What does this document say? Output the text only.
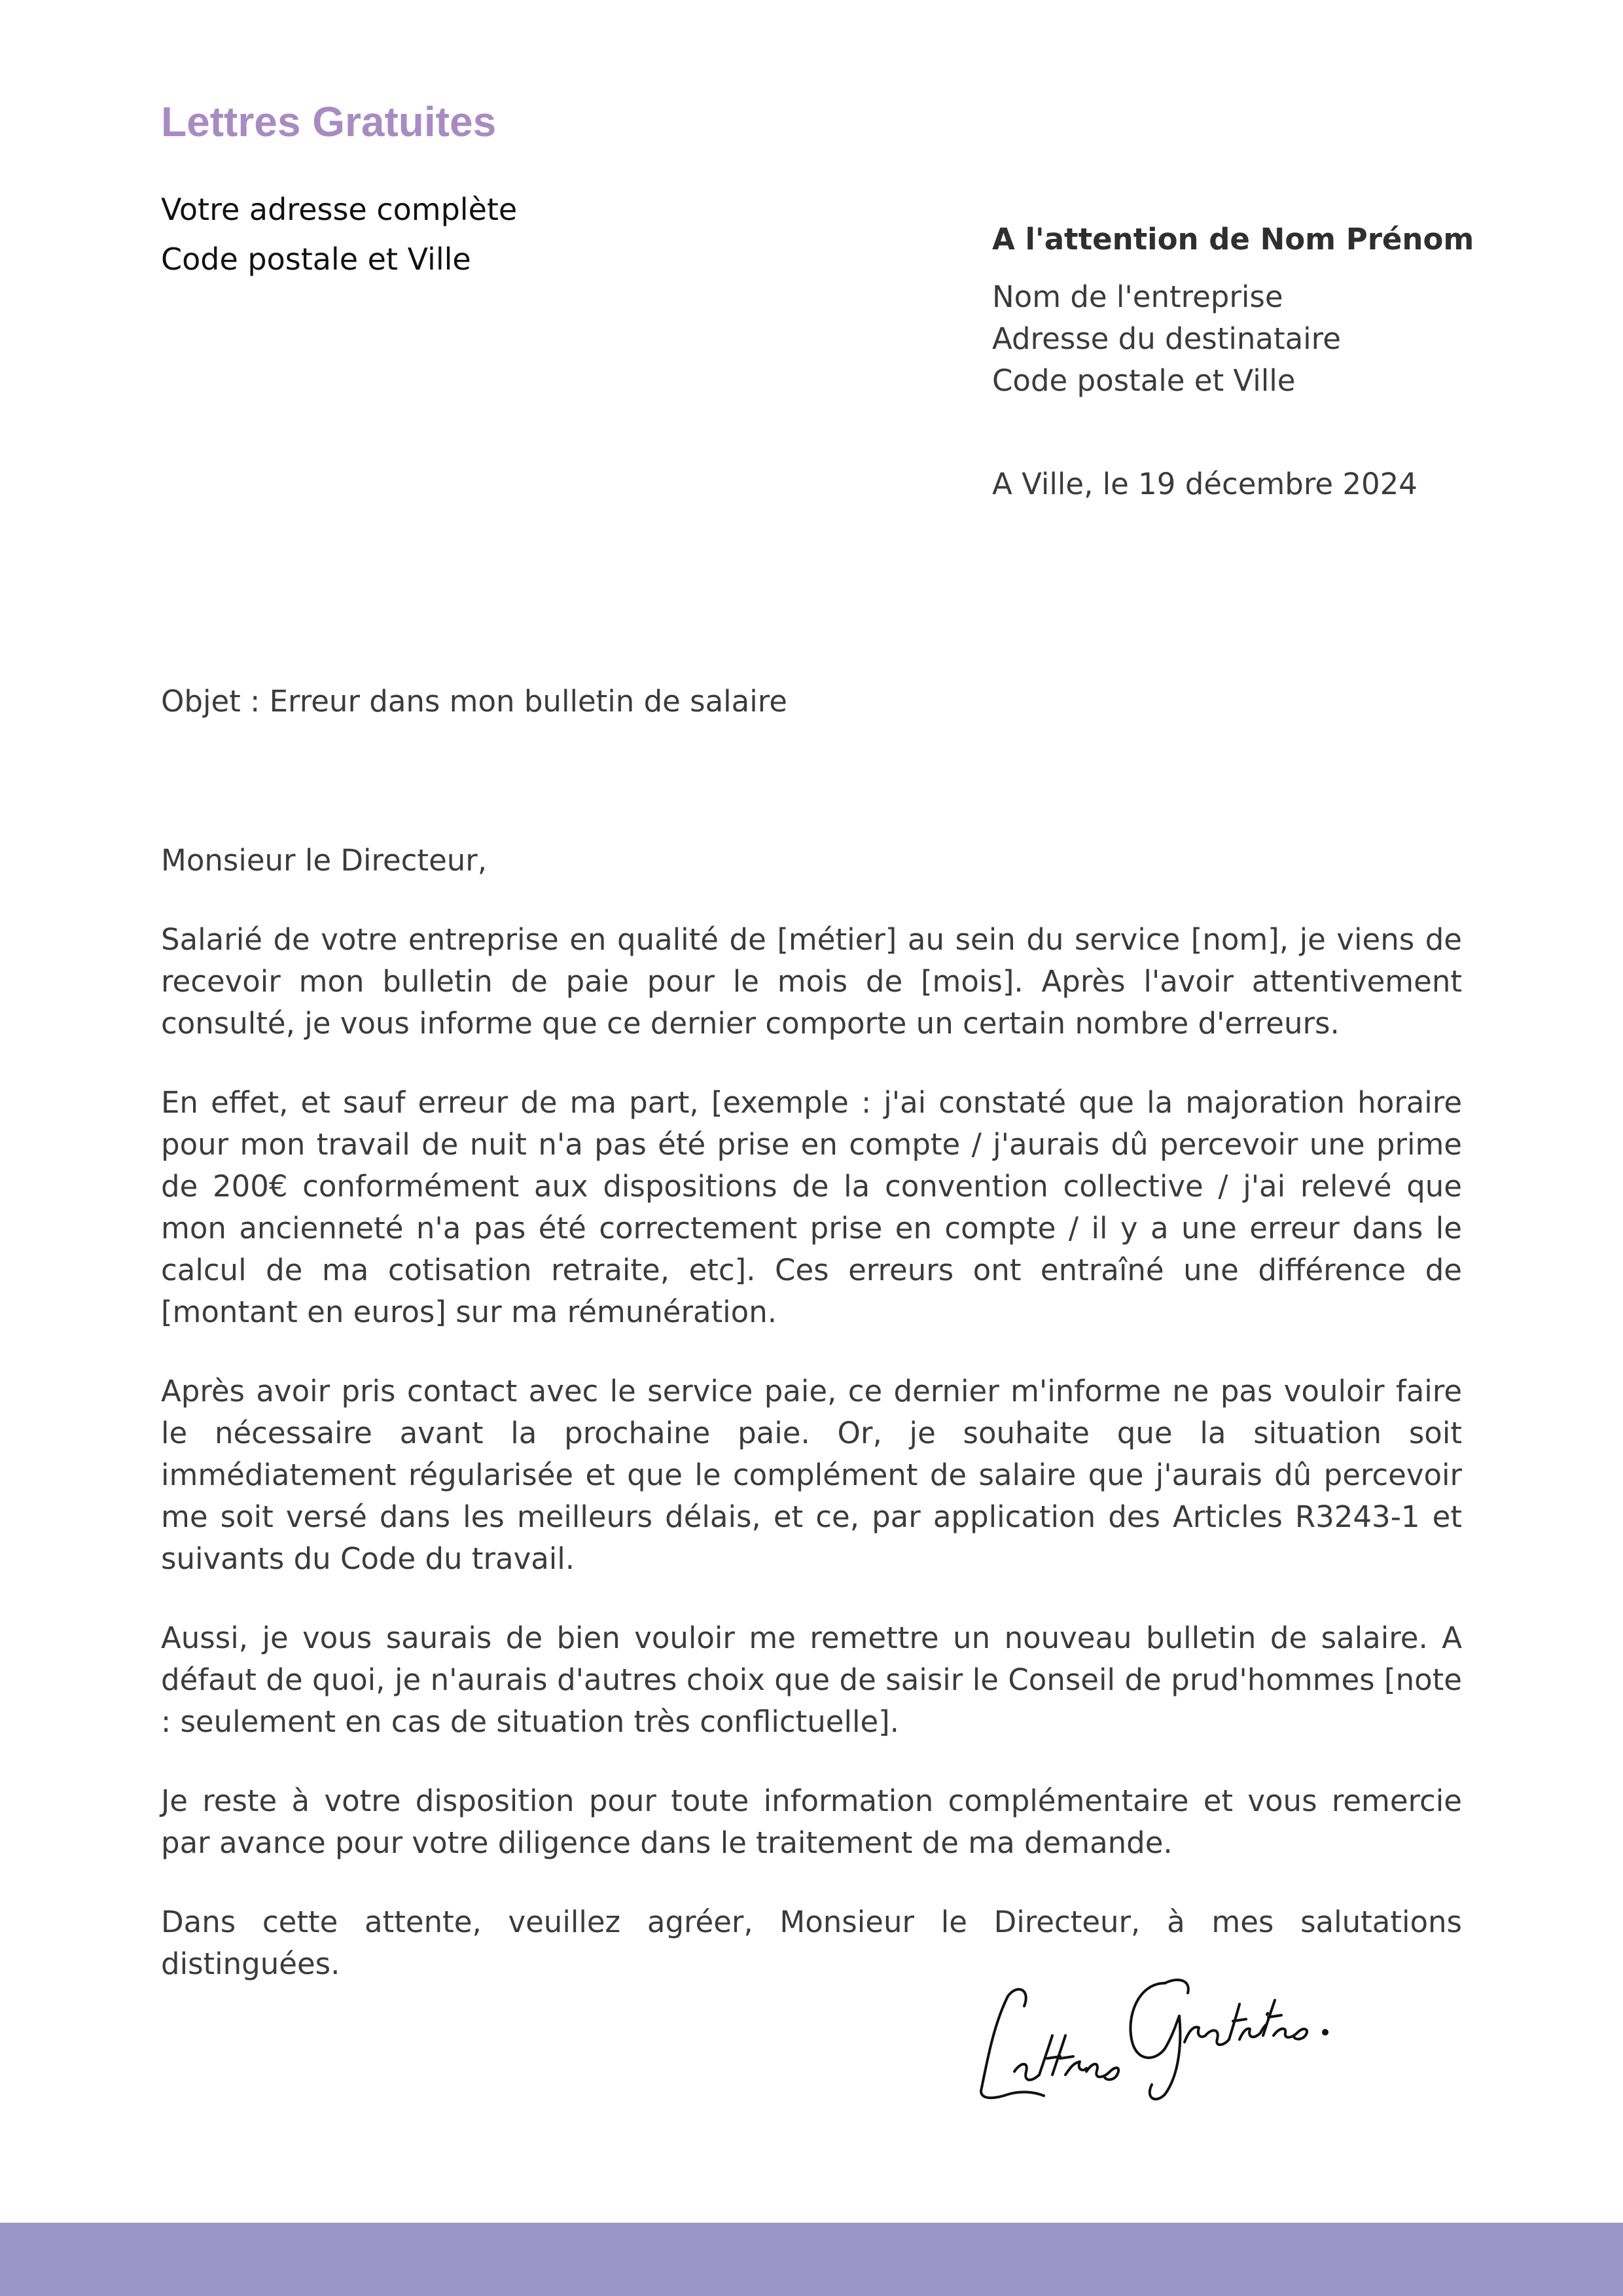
Lettres Gratuites
Votre adresse complète
Code postale et Ville
A l'attention de Nom Prénom
Nom de l'entreprise
Adresse du destinataire
Code postale et Ville
A Ville, le 19 décembre 2024
Objet : Erreur dans mon bulletin de salaire

Monsieur le Directeur,

Salarié de votre entreprise en qualité de [métier] au sein du service [nom], je viens de recevoir mon bulletin de paie pour le mois de [mois]. Après l'avoir attentivement consulté, je vous informe que ce dernier comporte un certain nombre d'erreurs.

En effet, et sauf erreur de ma part, [exemple : j'ai constaté que la majoration horaire pour mon travail de nuit n'a pas été prise en compte / j'aurais dû percevoir une prime de 200€ conformément aux dispositions de la convention collective / j'ai relevé que mon ancienneté n'a pas été correctement prise en compte / il y a une erreur dans le calcul de ma cotisation retraite, etc]. Ces erreurs ont entraîné une différence de [montant en euros] sur ma rémunération.

Après avoir pris contact avec le service paie, ce dernier m'informe ne pas vouloir faire le nécessaire avant la prochaine paie. Or, je souhaite que la situation soit immédiatement régularisée et que le complément de salaire que j'aurais dû percevoir me soit versé dans les meilleurs délais, et ce, par application des Articles R3243-1 et suivants du Code du travail.

Aussi, je vous saurais de bien vouloir me remettre un nouveau bulletin de salaire. A défaut de quoi, je n'aurais d'autres choix que de saisir le Conseil de prud'hommes [note : seulement en cas de situation très conflictuelle].

Je reste à votre disposition pour toute information complémentaire et vous remercie par avance pour votre diligence dans le traitement de ma demande.

Dans cette attente, veuillez agréer, Monsieur le Directeur, à mes salutations distinguées.

Lettres Gratuites.
